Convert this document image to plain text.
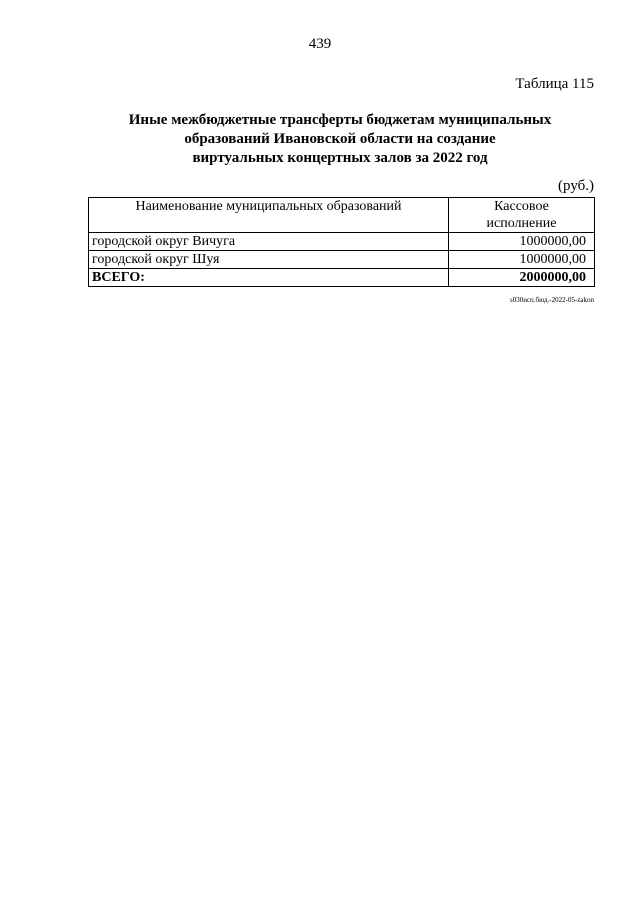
439
Таблица 115
Иные межбюджетные трансферты бюджетам муниципальных
образований Ивановской области на создание
виртуальных концертных залов за 2022 год
(руб.)
Наименование муниципальных образований	Кассовое
исполнение

городской округ Вичуга	1000000,00
городской округ Шуя	1000000,00
ВСЕГО:	2000000,00
s030исп.бюд.-2022-05-zakon
